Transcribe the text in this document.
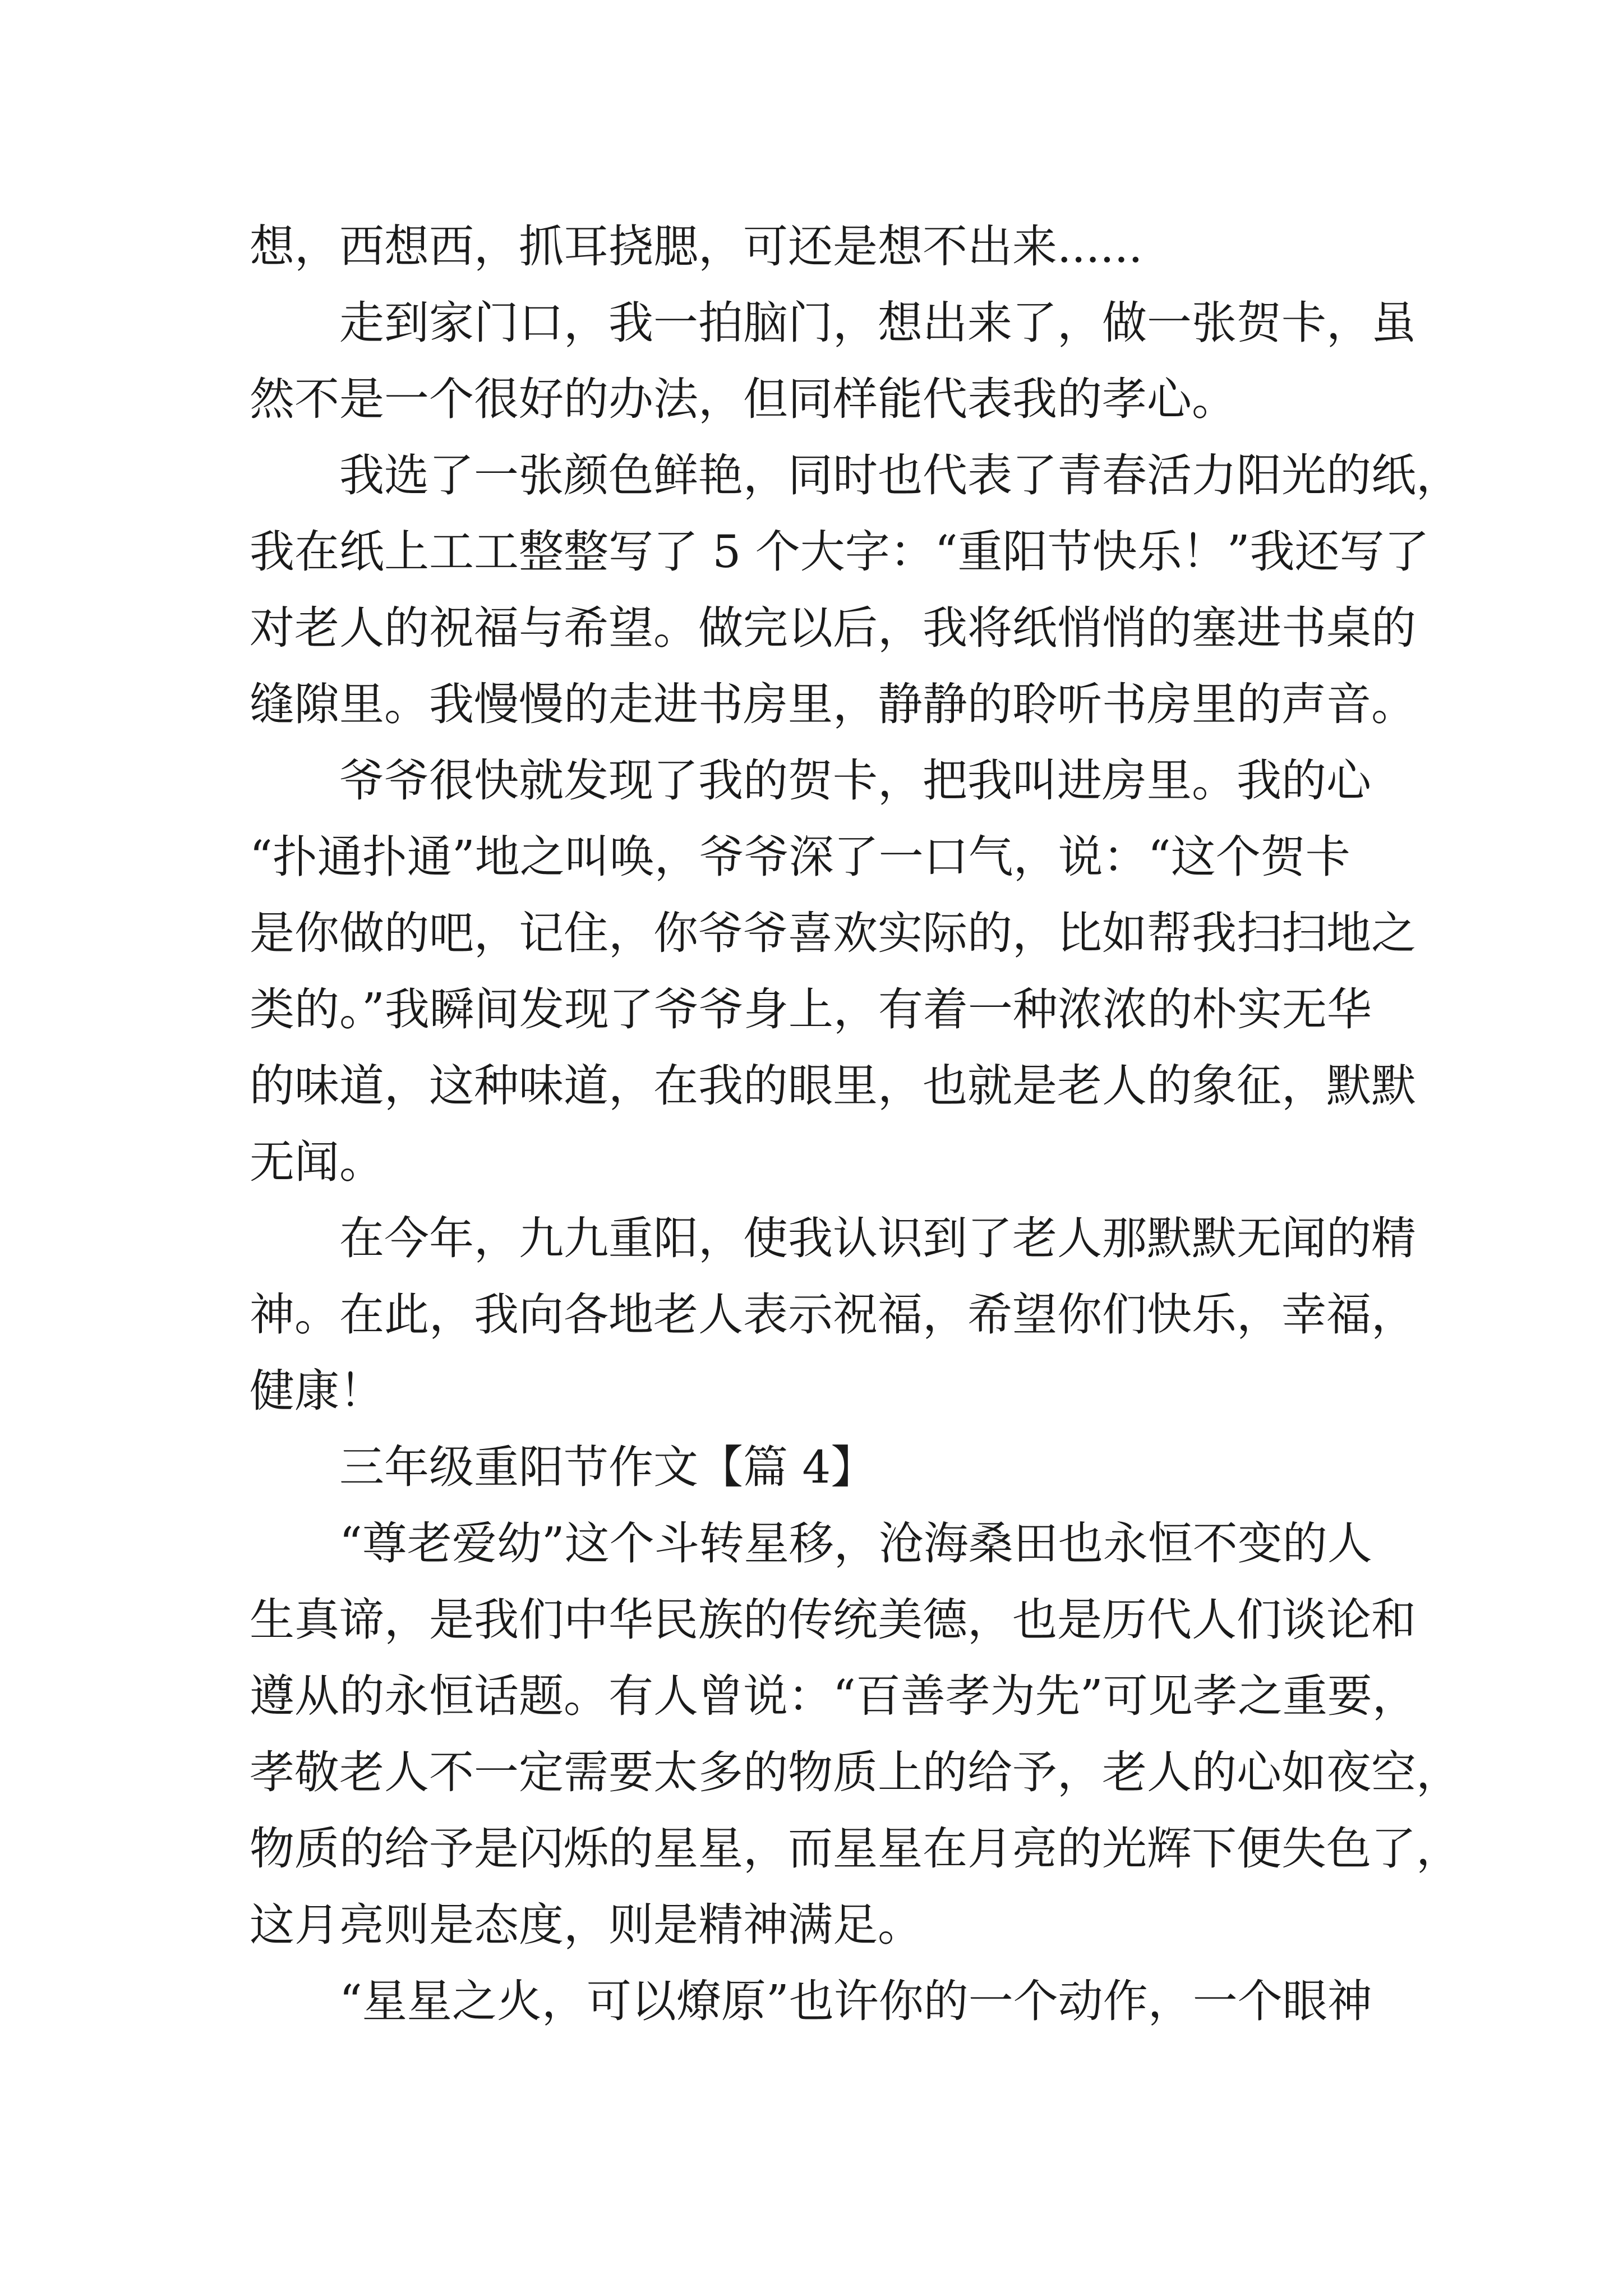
想，西想西，抓耳挠腮，可还是想不出来......
走到家门口，我一拍脑门，想出来了，做一张贺卡，虽
然不是一个很好的办法，但同样能代表我的孝心。
我选了一张颜色鲜艳，同时也代表了青春活力阳光的纸，
我在纸上工工整整写了 5 个大字：“重阳节快乐！”我还写了
对老人的祝福与希望。做完以后，我将纸悄悄的塞进书桌的
缝隙里。我慢慢的走进书房里，静静的聆听书房里的声音。
爷爷很快就发现了我的贺卡，把我叫进房里。我的心
“扑通扑通”地之叫唤，爷爷深了一口气，说：“这个贺卡
是你做的吧，记住，你爷爷喜欢实际的，比如帮我扫扫地之
类的。”我瞬间发现了爷爷身上，有着一种浓浓的朴实无华
的味道，这种味道，在我的眼里，也就是老人的象征，默默
无闻。
在今年，九九重阳，使我认识到了老人那默默无闻的精
神。在此，我向各地老人表示祝福，希望你们快乐，幸福，
健康！
三年级重阳节作文【篇 4】
“尊老爱幼”这个斗转星移，沧海桑田也永恒不变的人
生真谛，是我们中华民族的传统美德，也是历代人们谈论和
遵从的永恒话题。有人曾说：“百善孝为先”可见孝之重要，
孝敬老人不一定需要太多的物质上的给予，老人的心如夜空，
物质的给予是闪烁的星星，而星星在月亮的光辉下便失色了，
这月亮则是态度，则是精神满足。
“星星之火，可以燎原”也许你的一个动作，一个眼神
